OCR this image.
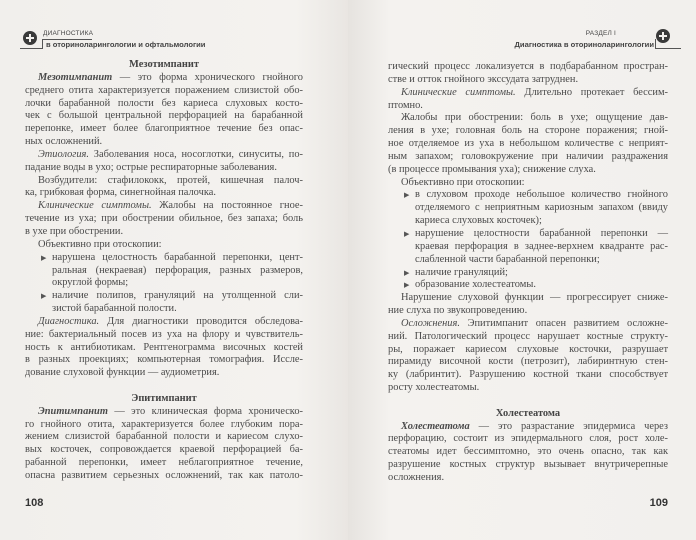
ДИАГНОСТИКА
в оториноларингологии и офтальмологии
Мезотимпанит
Мезотимпанит — это форма хронического гнойного
среднего отита характеризуется поражением слизистой обо-
лочки барабанной полости без кариеса слуховых косто-
чек с большой центральной перфорацией на барабанной
перепонке, имеет более благоприятное течение без опас-
ных осложнений.
Этиология. Заболевания носа, носоглотки, синуситы, по-
падание воды в ухо; острые респираторные заболевания.
Возбудители: стафилококк, протей, кишечная палоч-
ка, грибковая форма, синегнойная палочка.
Клинические симптомы. Жалобы на постоянное гное-
течение из уха; при обострении обильное, без запаха; боль
в ухе при обострении.
Объективно при отоскопии:
▶ нарушена целостность барабанной перепонки, цент-
ральная (некраевая) перфорация, разных размеров,
округлой формы;
▶ наличие полипов, грануляций на утолщенной сли-
зистой барабанной полости.
Диагностика. Для диагностики проводится обследова-
ние: бактериальный посев из уха на флору и чувствитель-
ность к антибиотикам. Рентгенограмма височных костей
в разных проекциях; компьютерная томография. Иссле-
дование слуховой функции — аудиометрия.
Эпитимпанит
Эпитимпанит — это клиническая форма хроническо-
го гнойного отита, характеризуется более глубоким пора-
жением слизистой барабанной полости и кариесом слухо-
вых косточек, сопровождается краевой перфорацией ба-
рабанной перепонки, имеет неблагоприятное течение,
опасна развитием серьезных осложнений, так как патоло-
108
РАЗДЕЛ I
Диагностика в оториноларингологии
гический процесс локализуется в подбарабанном простран-
стве и отток гнойного экссудата затруднен.
Клинические симптомы. Длительно протекает бессим-
птомно.
Жалобы при обострении: боль в ухе; ощущение дав-
ления в ухе; головная боль на стороне поражения; гной-
ное отделяемое из уха в небольшом количестве с неприят-
ным запахом; головокружение при наличии раздражения
(в процессе промывания уха); снижение слуха.
Объективно при отоскопии:
▶ в слуховом проходе небольшое количество гнойного
отделяемого с неприятным кариозным запахом (ввиду
кариеса слуховых косточек);
▶ нарушение целостности барабанной перепонки —
краевая перфорация в заднее-верхнем квадранте рас-
слабленной части барабанной перепонки;
▶ наличие грануляций;
▶ образование холестеатомы.
Нарушение слуховой функции — прогрессирует сниже-
ние слуха по звукопроведению.
Осложнения. Эпитимпанит опасен развитием осложне-
ний. Патологический процесс нарушает костные структу-
ры, поражает кариесом слуховые косточки, разрушает
пирамиду височной кости (петрозит), лабиринтную стен-
ку (лабринтит). Разрушению костной ткани способствует
росту холестеатомы.
Холестеатома
Холестеатома — это разрастание эпидермиса через
перфорацию, состоит из эпидермального слоя, рост холе-
стеатомы идет бессимптомно, это очень опасно, так как
разрушение костных структур вызывает внутричерепные
осложнения.
109
